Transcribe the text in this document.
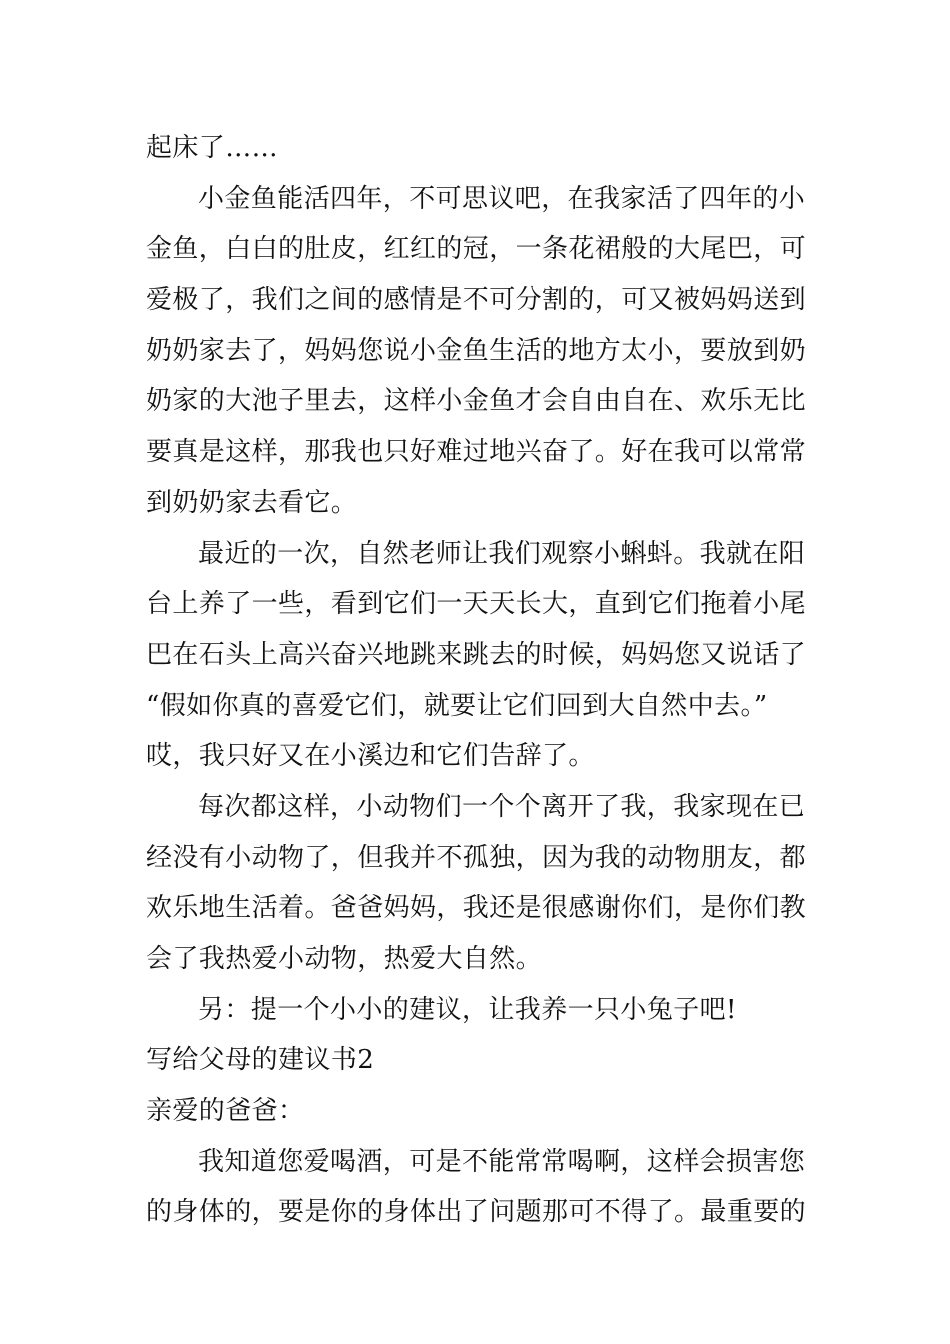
起床了……
小金鱼能活四年，不可思议吧，在我家活了四年的小
金鱼，白白的肚皮，红红的冠，一条花裙般的大尾巴，可
爱极了，我们之间的感情是不可分割的，可又被妈妈送到
奶奶家去了，妈妈您说小金鱼生活的地方太小，要放到奶
奶家的大池子里去，这样小金鱼才会自由自在、欢乐无比
要真是这样，那我也只好难过地兴奋了。好在我可以常常
到奶奶家去看它。
最近的一次，自然老师让我们观察小蝌蚪。我就在阳
台上养了一些，看到它们一天天长大，直到它们拖着小尾
巴在石头上高兴奋兴地跳来跳去的时候，妈妈您又说话了
“假如你真的喜爱它们，就要让它们回到大自然中去。”
哎，我只好又在小溪边和它们告辞了。
每次都这样，小动物们一个个离开了我，我家现在已
经没有小动物了，但我并不孤独，因为我的动物朋友，都
欢乐地生活着。爸爸妈妈，我还是很感谢你们，是你们教
会了我热爱小动物，热爱大自然。
另：提一个小小的建议，让我养一只小兔子吧!
写给父母的建议书2
亲爱的爸爸：
我知道您爱喝酒，可是不能常常喝啊，这样会损害您
的身体的，要是你的身体出了问题那可不得了。最重要的
